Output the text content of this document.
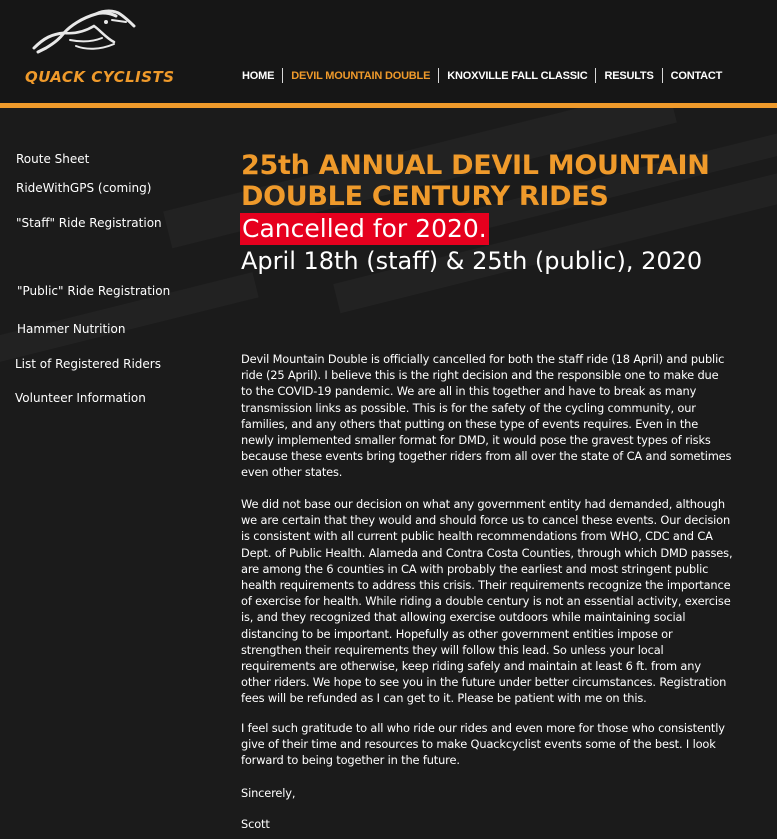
QUACK CYCLISTS	HOME	DEVIL MOUNTAIN DOUBLE	KNOXVILLE FALL CLASSIC	RESULTS	CONTACT
Route Sheet
RideWithGPS (coming)
"Staff" Ride Registration
"Public" Ride Registration
Hammer Nutrition
List of Registered Riders
Volunteer Information
25th ANNUAL DEVIL MOUNTAIN DOUBLE CENTURY RIDES
Cancelled for 2020.
April 18th (staff) & 25th (public), 2020

Devil Mountain Double is officially cancelled for both the staff ride (18 April) and public ride (25 April). I believe this is the right decision and the responsible one to make due to the COVID-19 pandemic. We are all in this together and have to break as many transmission links as possible. This is for the safety of the cycling community, our families, and any others that putting on these type of events requires. Even in the newly implemented smaller format for DMD, it would pose the gravest types of risks because these events bring together riders from all over the state of CA and sometimes even other states.

We did not base our decision on what any government entity had demanded, although we are certain that they would and should force us to cancel these events. Our decision is consistent with all current public health recommendations from WHO, CDC and CA Dept. of Public Health. Alameda and Contra Costa Counties, through which DMD passes, are among the 6 counties in CA with probably the earliest and most stringent public health requirements to address this crisis. Their requirements recognize the importance of exercise for health. While riding a double century is not an essential activity, exercise is, and they recognized that allowing exercise outdoors while maintaining social distancing to be important. Hopefully as other government entities impose or strengthen their requirements they will follow this lead. So unless your local requirements are otherwise, keep riding safely and maintain at least 6 ft. from any other riders. We hope to see you in the future under better circumstances. Registration fees will be refunded as I can get to it. Please be patient with me on this.

I feel such gratitude to all who ride our rides and even more for those who consistently give of their time and resources to make Quackcyclist events some of the best. I look forward to being together in the future.

Sincerely,

Scott
